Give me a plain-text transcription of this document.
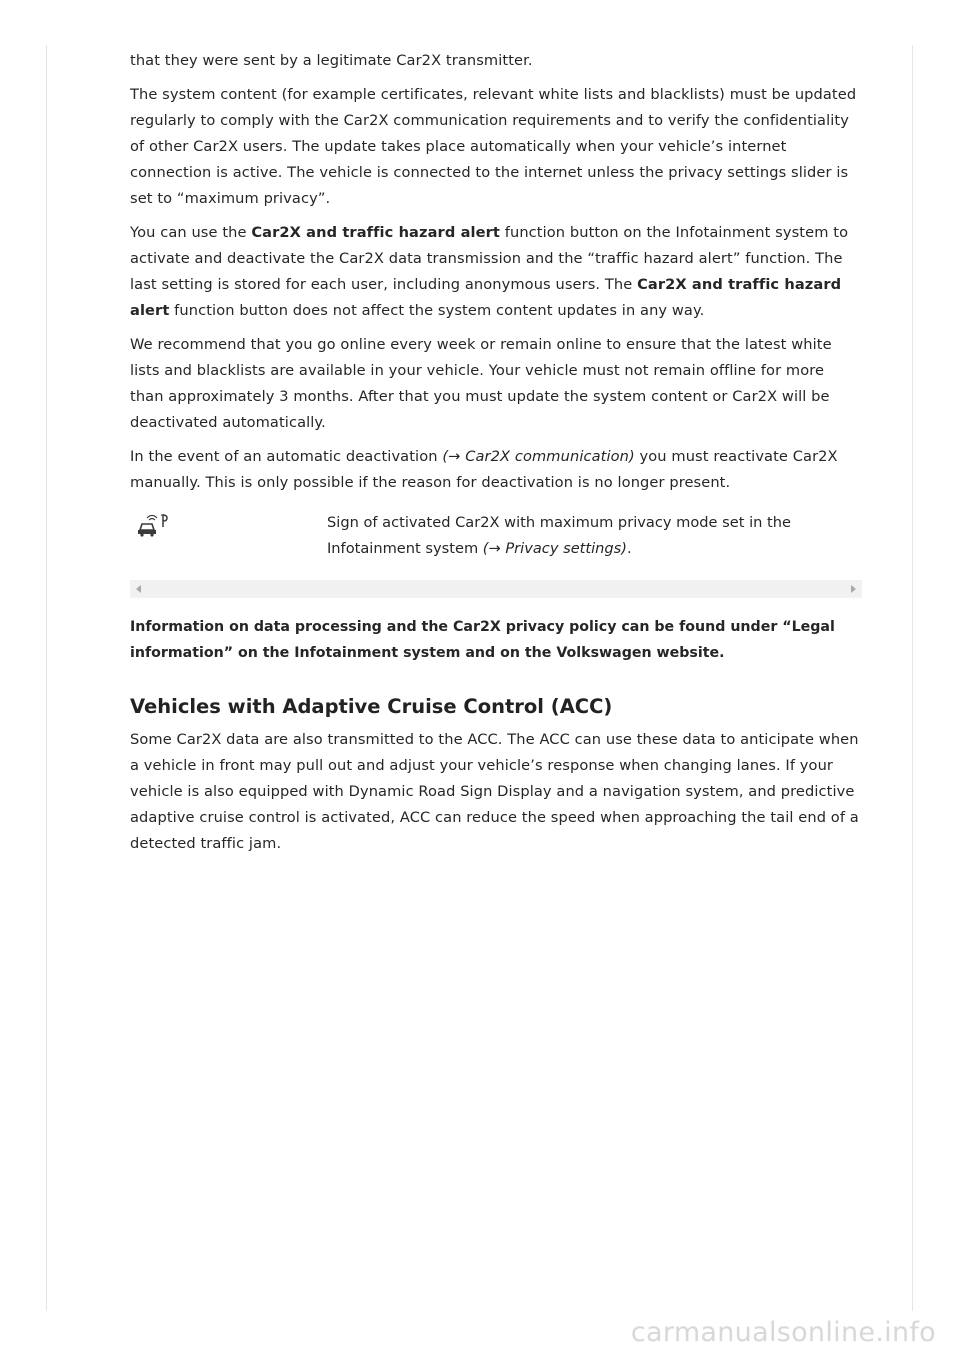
that they were sent by a legitimate Car2X transmitter.

The system content (for example certificates, relevant white lists and blacklists) must be updated regularly to comply with the Car2X communication requirements and to verify the confidentiality of other Car2X users. The update takes place automatically when your vehicle’s internet connection is active. The vehicle is connected to the internet unless the privacy settings slider is set to “maximum privacy”.

You can use the Car2X and traffic hazard alert function button on the Infotainment system to activate and deactivate the Car2X data transmission and the “traffic hazard alert” function. The last setting is stored for each user, including anonymous users. The Car2X and traffic hazard alert function button does not affect the system content updates in any way.

We recommend that you go online every week or remain online to ensure that the latest white lists and blacklists are available in your vehicle. Your vehicle must not remain offline for more than approximately 3 months. After that you must update the system content or Car2X will be deactivated automatically.

In the event of an automatic deactivation (→ Car2X communication) you must reactivate Car2X manually. This is only possible if the reason for deactivation is no longer present.

Sign of activated Car2X with maximum privacy mode set in the Infotainment system (→ Privacy settings).
Information on data processing and the Car2X privacy policy can be found under “Legal information” on the Infotainment system and on the Volkswagen website.
Vehicles with Adaptive Cruise Control (ACC)

Some Car2X data are also transmitted to the ACC. The ACC can use these data to anticipate when a vehicle in front may pull out and adjust your vehicle’s response when changing lanes. If your vehicle is also equipped with Dynamic Road Sign Display and a navigation system, and predictive adaptive cruise control is activated, ACC can reduce the speed when approaching the tail end of a detected traffic jam.

carmanualsonline.info
